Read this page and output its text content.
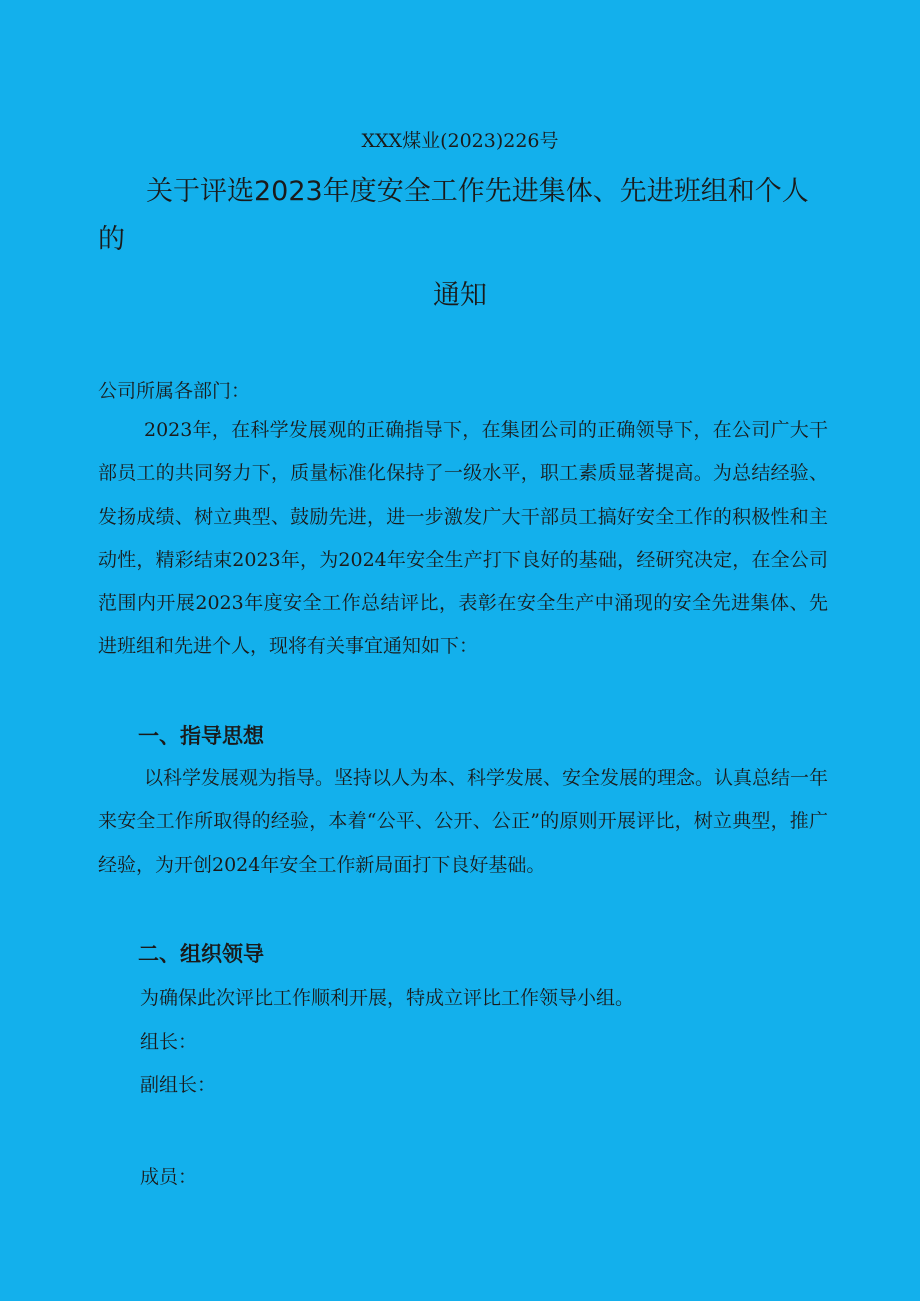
XXX煤业(2023)226号
关于评选2023年度安全工作先进集体、先进班组和个人
的
通知
公司所属各部门：
2023年，在科学发展观的正确指导下，在集团公司的正确领导下，在公司广大干部员工的共同努力下，质量标准化保持了一级水平，职工素质显著提高。为总结经验、发扬成绩、树立典型、鼓励先进，进一步激发广大干部员工搞好安全工作的积极性和主动性，精彩结束2023年，为2024年安全生产打下良好的基础，经研究决定，在全公司范围内开展2023年度安全工作总结评比，表彰在安全生产中涌现的安全先进集体、先进班组和先进个人，现将有关事宜通知如下：
一、指导思想
以科学发展观为指导。坚持以人为本、科学发展、安全发展的理念。认真总结一年来安全工作所取得的经验，本着“公平、公开、公正”的原则开展评比，树立典型，推广经验，为开创2024年安全工作新局面打下良好基础。
二、组织领导
为确保此次评比工作顺利开展，特成立评比工作领导小组。
组长：
副组长：
成员：
